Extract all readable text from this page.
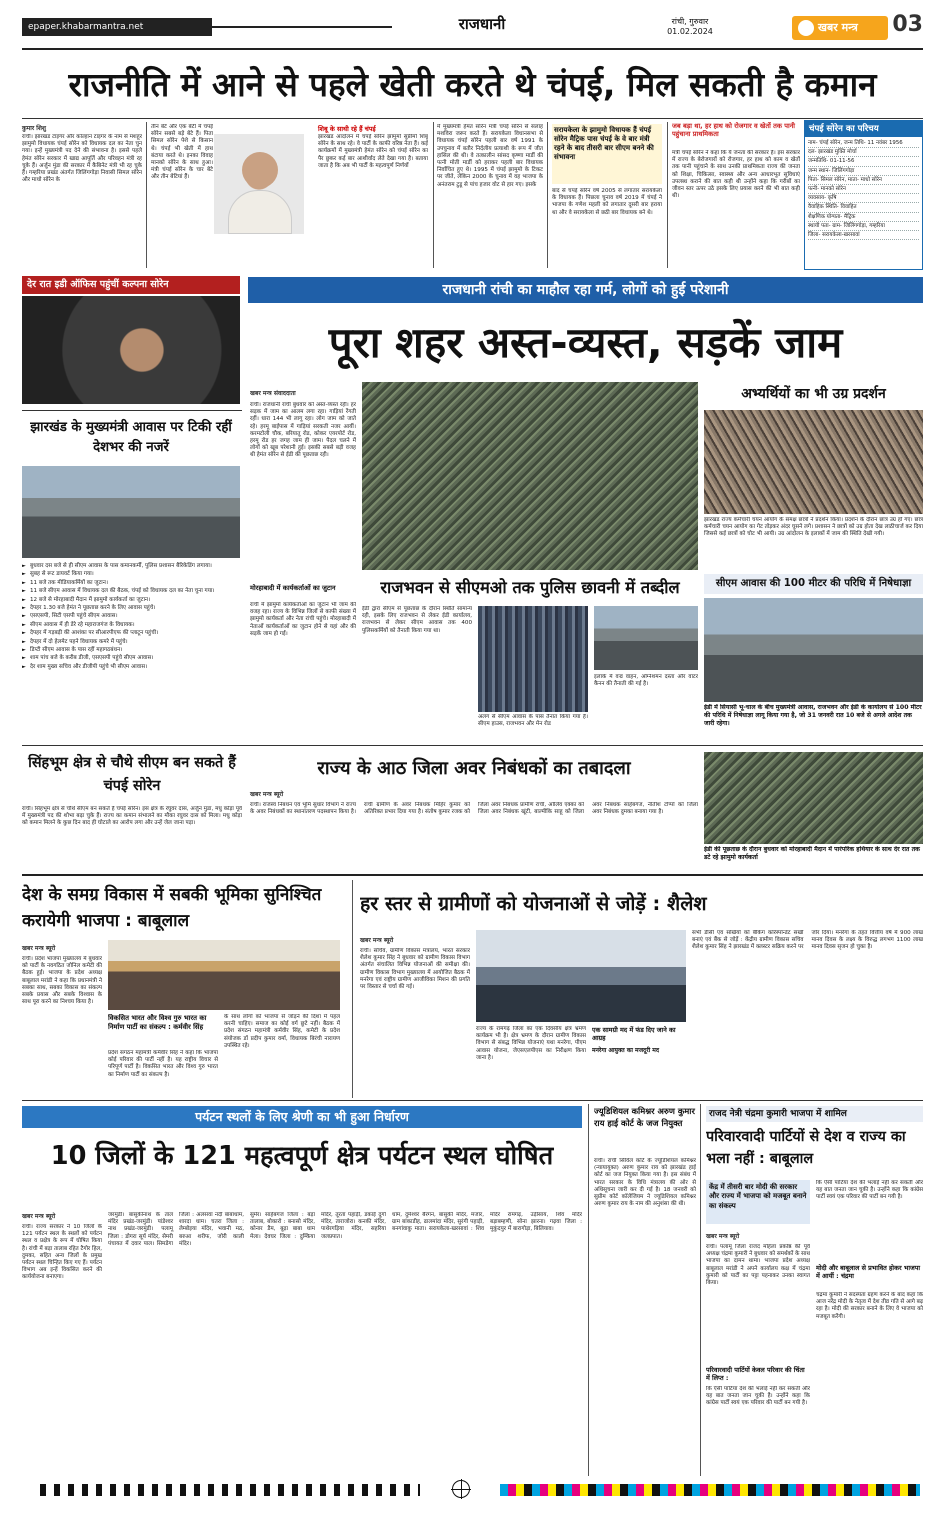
epaper.khabarmantra.net	राजधानी	रांची, गुरुवार
01.02.2024	खबर मन्त्र 03
राजनीति में आने से पहले खेती करते थे चंपई, मिल सकती है कमान
कुमार शिशु
रांची। झारखंड टाइगर और कोल्हान टाइगर के नाम से मशहूर झामुमो विधायक चंपई सोरेन को विधायक दल का नेता चुन गया। इन्हें मुख्यमंत्री पद देने की संभावना है। इससे पहले हेमंत सोरेन सरकार में खाद्य आपूर्ति और परिवहन मंत्री रह चुके हैं। अर्जुन मुंडा की सरकार में कैबिनेट मंत्री भी रह चुके हैं। गम्हरिया प्रखंड अंतर्गत जिलिंगगोड़ा निवासी सिमल सोरेन और माधो सोरेन के
तीन बेटे और एक बेटी में चंपई सोरेन सबसे बड़े बेटे हैं। पिता सिमल सोरेन पेशे से किसान थे। चंपई भी खेती में हाथ बंटाया करते थे। इनका विवाह मानको सोरेन के साथ हुआ। मंत्री चंपई सोरेन के चार बेटे और तीन बेटियां हैं।
शिबू के साथी रहे हैं चंपई
झारखंड आंदोलन में चंपई सोरेन झामुमो सुप्रीमो शिबू सोरेन के साथ रहे। वे पार्टी के काफी वरिष्ठ नेता हैं। कई कार्यक्रमों में मुख्यमंत्री हेमंत सोरेन को चंपई सोरेन का पैर छूकर कई बार आशीर्वाद लेते देखा गया है। बताया जाता है कि अब भी पार्टी के महत्वपूर्ण निर्णयों
में मुख्यमंत्री हेमंत सोरेन मंत्री चंपई सोरेन से सलाह मशविरा जरूर करते हैं। सरायकेला विधानसभा से विधायक चंपई सोरेन पहली बार वर्ष 1991 के उपचुनाव में बतौर निर्दलीय प्रत्याशी के रूप में जीत हासिल की थी। वे तत्कालीन सांसद कृष्णा मार्डी की पत्नी मोती मार्डी को हराकर पहली बार विधायक निर्वाचित हुए थे। 1995 में चंपई झामुमो के टिकट पर जीते, लेकिन 2000 के चुनाव में वह भाजपा के अनंतराम टुडू से पांच हजार वोट से हार गए। इसके
सरायकेला के झामुमो विधायक हैं चंपई सोरेन मैट्रिक पास चंपई के वे बार मंत्री रहने के बाद तीसरी बार सीएम बनने की संभावना
बाद से चंपई सोरेन वर्ष 2005 से लगातार सरायकेला के विधायक हैं। पिछला चुनाव वर्ष 2019 में चंपई ने भाजपा के गणेश महली को लगातार दूसरी बार हराया था और वे सरायकेला से छठी बार विधायक बने थे।
जब बड़ा था, हर हाथ को रोजगार व खेतों तक पानी पहुंचाना प्राथमिकता
मंत्री चंपई सोरेन ने कहा कि ये जनता की सरकार है। इस सरकार में राज्य के बेरोजगारों को रोजगार, हर हाथ को काम व खेतों तक पानी पहुंचाने के साथ उनकी प्राथमिकता राज्य की जनता को शिक्षा, चिकित्सा, स्वास्थ्य और अन्य आधारभूत सुविधाएं उपलब्ध कराने की बात कही थी उन्होंने कहा कि गरीबों का जीवन स्तर ऊपर उठे इसके लिए प्रयास करने की भी बात कही थी।
चंपई सोरेन का परिचय
नाम- चंपई सोरेन, जन्म तिथि- 11 नवंबर 1956
दल- झारखंड मुक्ति मोर्चा
जन्मतिथि- 01-11-56
जन्म स्थान- जिलिंगगोड़ा
पिता- सिमल सोरेन, माता- माधो सोरेन
पत्नी- मानको सोरेन
व्यवसाय- कृषि
वैवाहिक स्थिति- विवाहित
शैक्षणिक योग्यता- मैट्रिक
स्थायी पता- ग्राम- जिलिंगगोड़ा, गम्हरिया
जिला- सरायकेला-खरसावां
देर रात इडी ऑफिस पहुंचीं कल्पना सोरेन	राजधानी रांची का माहौल रहा गर्म, लोगों को हुई परेशानी
पूरा शहर अस्त-व्यस्त, सड़कें जाम
झारखंड के मुख्यमंत्री आवास पर टिकी रहीं देशभर की नजरें
► बुधवार दस बजे से ही सीएम आवास के पास कमानकर्मी, पुलिस प्रशासन बैरिकेडिंग लगाया।
► सुबह से रूट डायवर्ट किया गया।
► 11 बजे तक मीडियाकर्मियों का जुटान।
► 11 बजे सीएम आवास में विधायक दल की बैठक, चंपई को विधायक दल का नेता चुना गया।
► 12 बजे से मोरहाबादी मैदान में झामुमो कार्यकर्ता का जुटान।
► देपहर 1.30 बजे हेमंत ने पूछताछ करने के लिए आवास पहुंचे।
► एसएसपी, सिटी एसपी पहुंचे सीएम आवास।
► सीएम आवास में ही डेरे रहे महाराजगंज के विधायक।
► देपहर में गड़बड़ी की आशंका पर सीआरपीएफ की प्लाटून पहुंची।
► देपहर में दो हेलमेट पहने विधायक कमरे में पहुंचे।
► डिप्टी सीएम आवास के पास रहीं महागठबंधन।
► शाम पांच बजे के करीब डीजी, एसएसपी पहुंचे सीएम आवास।
► देर शाम मुख्य सचिव और डीजीपी पहुंचे भी सीएम आवास।
खबर मन्त्र संवाददाता
रांची। राजधानी रांची बुधवार को अस्त-व्यस्त रही। हर सड़क में जाम का आलम लगा रहा। गाड़ियां रेंगती रहीं। धारा 144 भी लागू रहा। लोग जाम को जाते रहे। हरमू बाईपास में गाड़ियां सरकती नजर आयीं। करमटोली चौक, बरियातू रोड, कोकर एयरपोर्ट रोड, हरमू रोड हर जगह जाम ही जाम। पैदल चलने में लोगों को खूब परेशानी हुई। इसकी सबसे बड़ी वजह थी हेमंत सोरेन से ईडी की पूछताछ रही।
मोरहाबादी में कार्यकर्ताओं का जुटान
रांची में झामुमो कार्यकर्ताओं का जुटान भी जाम की वजह रहा। राज्य के विभिन्न जिलों से काफी संख्या में झामुमो कार्यकर्ता और नेता रांची पहुंचे। मोरहाबादी में नेताओं कार्यकर्ताओं का जुटान होने से यहां और की सड़कें जाम हो गईं।
अभ्यर्थियों का भी उग्र प्रदर्शन
झारखंड राज्य कर्मचारी चयन आयोग के समक्ष छात्रों ने प्रदर्शन किया। प्रदर्शन के दौरान छात्र उग्र हो गए। छात्र कर्मचारी चयन आयोग का गेट तोड़कर अंदर घुसने लगे। प्रशासन ने छात्रों को उग्र होता देख लाठीचार्ज कर दिया जिससे कई छात्रों को चोट भी आयी। उग्र आंदोलन के इलाकों में जाम की स्थिति देखी गयी।
राजभवन से सीएमओ तक पुलिस छावनी में तब्दील
ईडी द्वारा सीएम से पूछताछ के दौरान स्थिति सामान्य रही, इसके लिए राजभवन से लेकर ईडी कार्यालय, राजभवन से लेकर सीएम आवास तक 400 पुलिसकर्मियों को तैनाती किया गया था।
अलग से सीएम आवास के पास तैनात किया गया है। सीएम हाउस, राजभवन और मेन रोड
इलाके में वज्र वाहन, अग्निशमन दस्ता और वाटर कैनन की तैनाती की गई है।
सीएम आवास की 100 मीटर की परिधि में निषेधाज्ञा
ईडी में सियासी भू-चाल के बीच मुख्यमंत्री आवास, राजभवन और ईडी के कार्यालय से 100 मीटर की परिधि में निषेधाज्ञा लागू किया गया है, जो 31 जनवरी रात 10 बजे से अगले आदेश तक जारी रहेगा।
सिंहभूम क्षेत्र से चौथे सीएम बन सकते हैं चंपई सोरेन
रांची। सिंहभूम क्षेत्र से चौथे सीएम बन सकते हैं चंपई सोरेन। इस क्षेत्र के रघुवर दास, अर्जुन मुंडा, मधु कोड़ा पूर्व में मुख्यमंत्री पद की शोभा बढ़ा चुके हैं। राज्य का कमान संभालने का मौका रघुवर दास को मिला। मधु कोड़ा को कमान मिलने के कुछ दिन बाद ही घोटाले का आरोप लगा और उन्हें जेल जाना पड़ा।
राज्य के आठ जिला अवर निबंधकों का तबादला
खबर मन्त्र ब्यूरो
रांची। राजस्व निबंधन एवं भूमि सुधार विभाग ने राज्य के अवर निबंधकों का स्थानांतरण पदस्थापन किया है। रांची ग्रामीण के अवर निबंधक मिहिर कुमार को अतिरिक्त प्रभार दिया गया है। संतोष कुमार रजक को जिला अवर निबंधक प्रामीण रांची, ओलिव एक्का को जिला अवर निबंधक खूंटी, बाल्मीकि साहू को जिला अवर निबंधक साहेबगंज, नीतीश टोप्पो को जिला अवर निबंधक दुमका बनाया गया है।
ईडी की पूछताछ के दौरान बुधवार को मोरहाबादी मैदान में पारंपरिक हथियार के साथ देर रात तक डटे रहे झामुमो कार्यकर्ता
देश के समग्र विकास में सबकी भूमिका सुनिश्चित करायेगी भाजपा : बाबूलाल
खबर मन्त्र ब्यूरो
रांची। प्रदेश भाजपा मुख्यालय में बुधवार को पार्टी के नवगठित जोनिल कमेटी की बैठक हुई। भाजपा के प्रदेश अध्यक्ष बाबूलाल मरांडी ने कहा कि प्रधानमंत्री ने सबका साथ, सबका विकास का संकल्प सबके प्रयास और सबके विश्वास के साथ पूरा करने का निश्चय किया है।
विकसित भारत और विश्व गुरु भारत का निर्माण पार्टी का संकल्प : कर्मवीर सिंह
प्रदेश संगठन महामंत्री कर्मवीर सिंह ने कहा कि भाजपा कोई परिवार की पार्टी नहीं है। यह राष्ट्रीय विचार से परिपूर्ण पार्टी है। विकसित भारत और विश्व गुरु भारत का निर्माण पार्टी का संकल्प है।
के साथ लोगों को भाजपा से जोड़ने की दिशा में पहल करनी चाहिए। समाज का कोई वर्ग छूटे नहीं। बैठक में प्रदेश संगठन महामंत्री कर्मवीर सिंह, कमेटी के प्रदेश संयोजक डॉ प्रदीप कुमार वर्मा, विधायक बिरंची नारायण उपस्थित रहे।
हर स्तर से ग्रामीणों को योजनाओं से जोड़ें : शैलेश
खबर मन्त्र ब्यूरो
रांची। सचिव, ग्रामीण विकास मंत्रालय, भारत सरकार शैलेश कुमार सिंह ने बुधवार को ग्रामीण विकास विभाग अंतर्गत संचालित विभिन्न योजनाओं की समीक्षा की। ग्रामीण विकास विभाग मुख्यालय में आयोजित बैठक में मनरेगा एवं राष्ट्रीय ग्रामीण आजीविका मिशन की प्रगति पर विस्तार से चर्चा की गई।
राज्य के रामगढ़ जिला का एक दिवसीय क्षेत्र भ्रमण कार्यक्रम भी है। क्षेत्र भ्रमण के दौरान ग्रामीण विकास विभाग से संबद्ध विभिन्न योजनाएं यथा मनरेगा, पीएम आवास योजना, जेएसएलपीएस का निरीक्षण किया जाना है।
एक सामग्री मद में फंड दिए जाने का आग्रह
मनरेगा आयुक्त का मजदूरी मद
सभी डीसी एवं सखियों को बैंकिंग कॉरेस्पॉन्डेंट सखी बनाएं एवं बैंक से जोड़ें : केंद्रीय ग्रामीण विकास सचिव शैलेश कुमार सिंह ने झारखंड में क्लस्टर सक्रिय करने पर जोर दिया। मनरेगा के तहत वित्तीय वर्ष में 900 लाख मानव दिवस के लक्ष्य के विरुद्ध लगभग 1100 लाख मानव दिवस सृजन हो चुका है।
पर्यटन स्थलों के लिए श्रेणी का भी हुआ निर्धारण
10 जिलों के 121 महत्वपूर्ण क्षेत्र पर्यटन स्थल घोषित
खबर मन्त्र ब्यूरो
रांची। राज्य सरकार ने 10 जिलों के 121 पर्यटन स्थल के स्थलों को पर्यटन स्थल व प्रक्षेत्र के रूप में घोषित किया है। रांची में बड़ा तालाब रहित टैगोर हिल, दुमका, सहित अन्य जिलों के प्रमुख पर्यटन स्थल चिन्हित किए गए हैं। पर्यटन विभाग अब इन्हें विकसित करने की कार्ययोजना बनाएगा।
जरमुंडी। बासुकीनाथ के ताल मंदिर प्रखंड-जरमुंडी। पांडेश्वर नाथ प्रखंड-जरमुंडी। पलामू जिला : डोगरा सूर्य मंदिर, सेमरी पंचायत में दवार पाल। सिमडेगा जिला : अलसंवा नंदी बाबाधाम, शारदा धाम। चतरा जिला : लेम्बोइया मंदिर, भवानी मठ, बरुआ शरीफ, जोरी काली मंदिर।
सुमेर। साहेबगंज जिला : बड़ा तालाब, बोकारो : बनासो मंदिर, कोनार डैम, बूढ़ा बाबा धाम मेला। देवघर जिला : दुम्किया मंदिर, तूरता पहाड़ी, डकाई दुर्गा मंदिर, ताराजोरा। कनकी मंदिर, पाथेरगड़िया मंदिर, सहरिया जलप्रपात।
धाम, दुमेश्वर बैरगन, बासुकी मंदिर, मजार, ग्राम बांकाडीह, ढालमांदा मंदिर, सुरंगी पहाड़ी, बनगांवाकु माता। सरायकेला-खरसावां : शिव मंदिर रामगढ़, उड़ीसाय, शिव मंदिर बड़ाबम्हणी, सोना झारना। गढ़वा जिला : मुकुंदपुर में बारागोड़ा, बिलियाव।
ज्यूडिशियल कमिश्नर अरुण कुमार राय हाई कोर्ट के जज नियुक्त
रांची। रांची सिविल कोर्ट के ज्यूडिशियल कमिश्नर (न्यायायुक्त) अरुण कुमार राय को झारखंड हाई कोर्ट का जज नियुक्त किया गया है। इस संबंध में भारत सरकार के विधि मंत्रालय की ओर से अधिसूचना जारी कर दी गई है। 18 जनवरी को सुप्रीम कोर्ट कॉलेजियम ने ज्यूडिशियल कमिश्नर अरुण कुमार राय के नाम की अनुशंसा की थी।
राजद नेत्री चंद्रमा कुमारी भाजपा में शामिल
परिवारवादी पार्टियों से देश व राज्य का भला नहीं : बाबूलाल
केंद्र में तीसरी बार मोदी की सरकार और राज्य में भाजपा को मजबूत बनाने का संकल्प
खबर मन्त्र ब्यूरो
रांची। पलामू जिला राजद महिला प्रकोष्ठ की पूर्व अध्यक्ष चंद्रमा कुमारी ने बुधवार को समर्थकों के साथ भाजपा का दामन थामा। भाजपा प्रदेश अध्यक्ष बाबूलाल मरांडी ने अपने कार्यालय कक्ष में चंद्रमा कुमारी को पार्टी का पट्टा पहनाकर उनका स्वागत किया।
परिवारवादी पार्टियों केवल परिवार की चिंता में लिप्त :
कि ऐसी पार्टियां देश की भलाई नहीं कर सकतीं और यह बात जनता जान चुकी है। उन्होंने कहा कि कांग्रेस पार्टी स्वयं एक परिवार की पार्टी बन गयी है।
कि ऐसी पार्टियां देश की भलाई नहीं कर सकतीं और यह बात जनता जान चुकी है। उन्होंने कहा कि कांग्रेस पार्टी स्वयं एक परिवार की पार्टी बन गयी है।
मोदी और बाबूलाल से प्रभावित होकर भाजपा में आयीं : चंद्रमा
चंद्रमा कुमारी ने सदस्यता ग्रहण करने के बाद कहा कि आज नरेंद्र मोदी के नेतृत्व में देश तीव्र गति से आगे बढ़ रहा है। मोदी की सरकार बनाने के लिए वे भाजपा को मजबूत करेंगी।
